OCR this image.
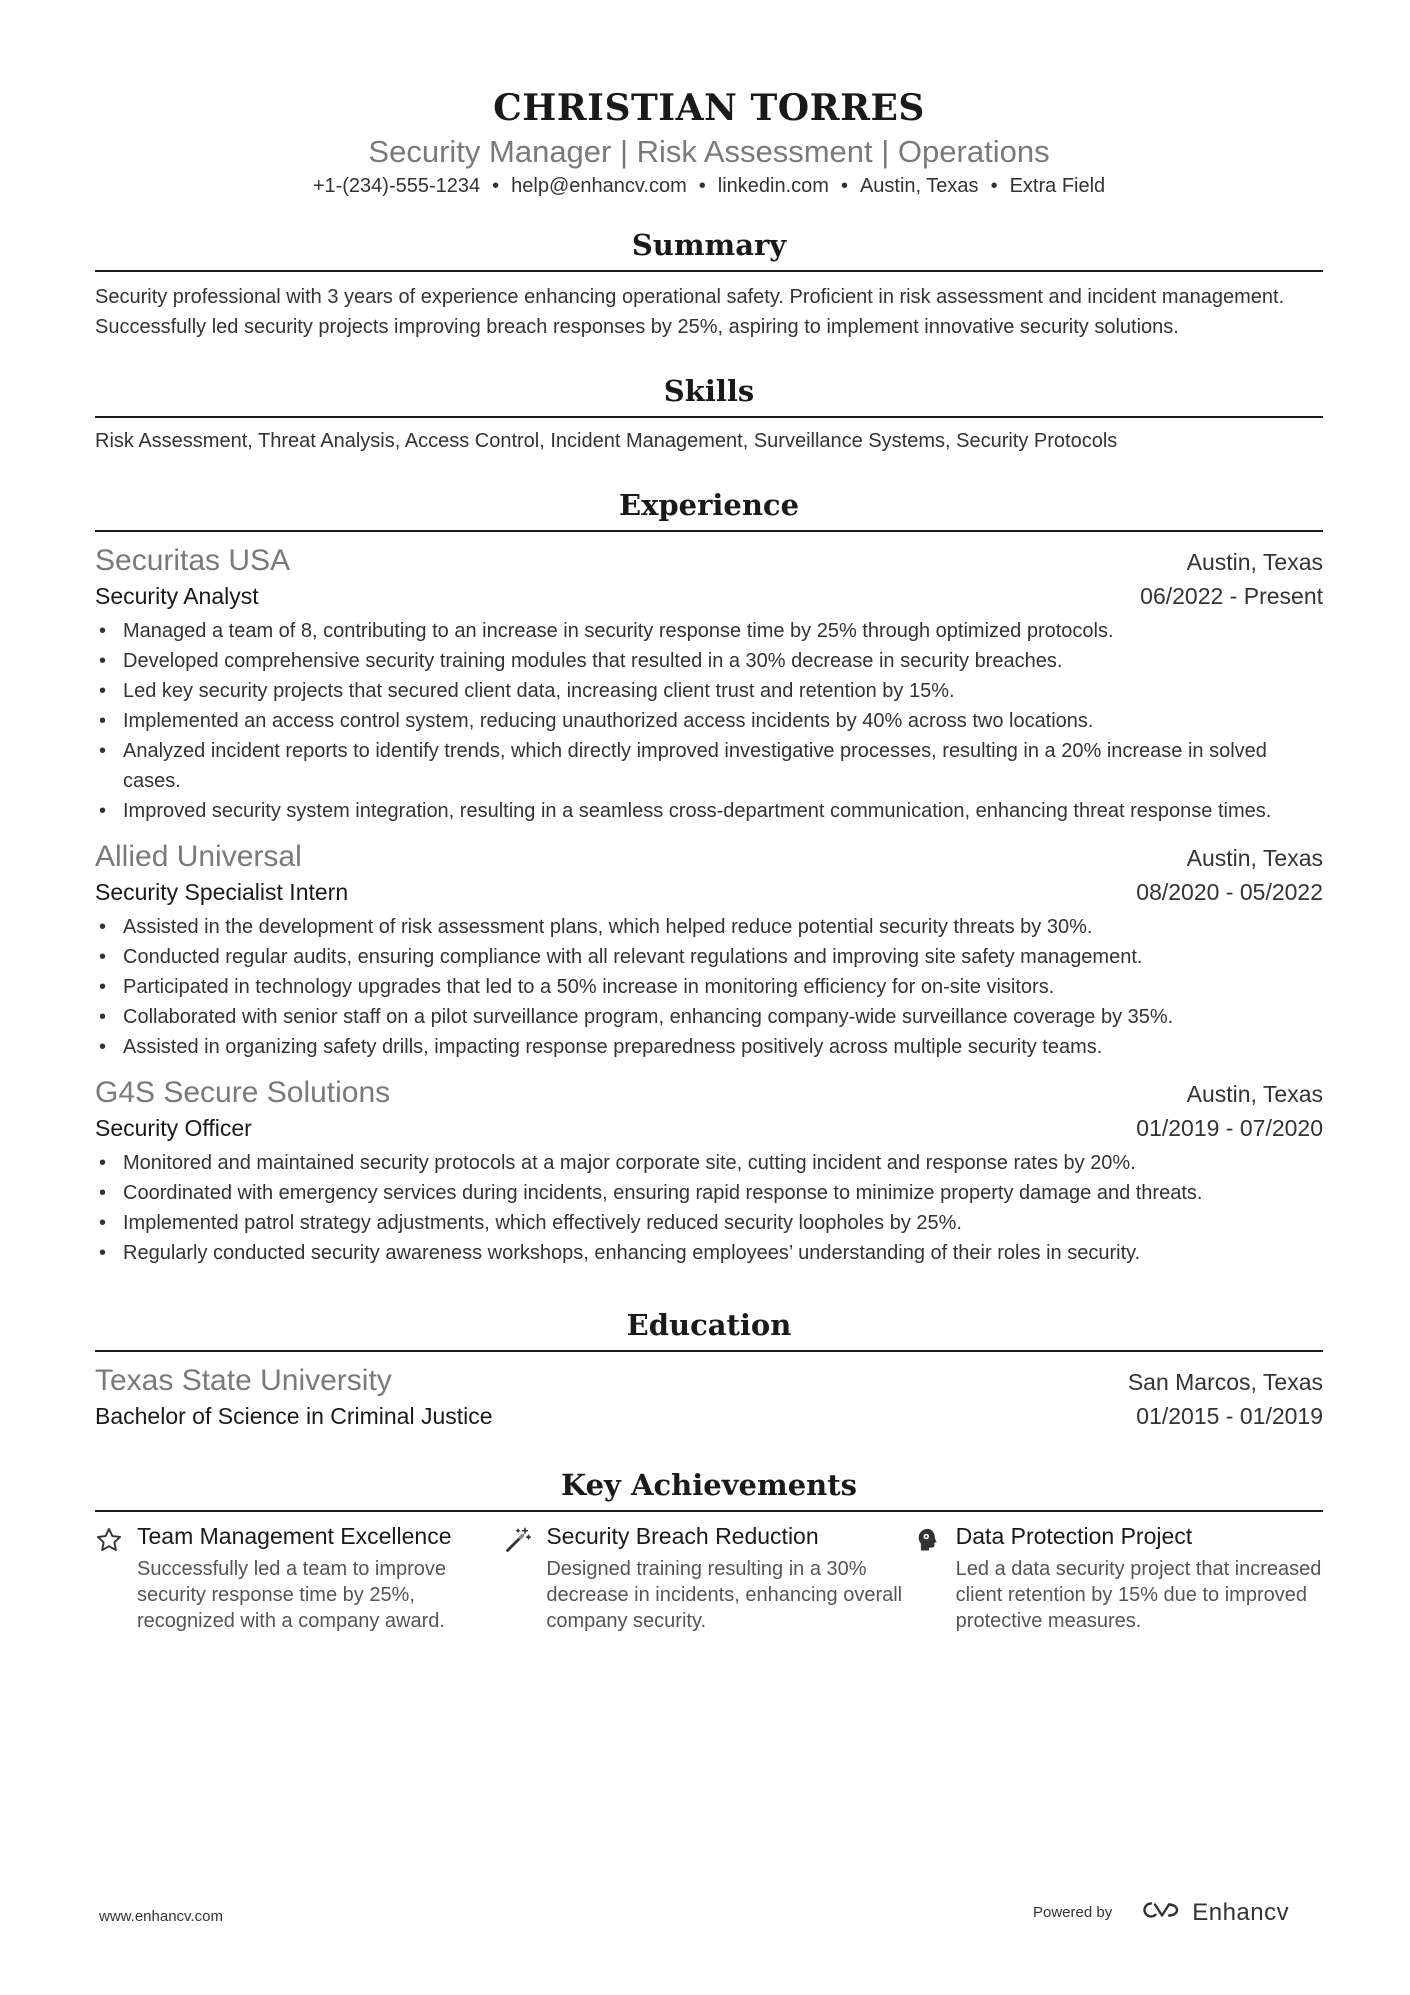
CHRISTIAN TORRES
Security Manager | Risk Assessment | Operations
+1-(234)-555-1234 • help@enhancv.com • linkedin.com • Austin, Texas • Extra Field
Summary
Security professional with 3 years of experience enhancing operational safety. Proficient in risk assessment and incident management. Successfully led security projects improving breach responses by 25%, aspiring to implement innovative security solutions.
Skills
Risk Assessment, Threat Analysis, Access Control, Incident Management, Surveillance Systems, Security Protocols
Experience
Securitas USA	Austin, Texas
Security Analyst	06/2022 - Present
• Managed a team of 8, contributing to an increase in security response time by 25% through optimized protocols.
• Developed comprehensive security training modules that resulted in a 30% decrease in security breaches.
• Led key security projects that secured client data, increasing client trust and retention by 15%.
• Implemented an access control system, reducing unauthorized access incidents by 40% across two locations.
• Analyzed incident reports to identify trends, which directly improved investigative processes, resulting in a 20% increase in solved cases.
• Improved security system integration, resulting in a seamless cross-department communication, enhancing threat response times.
Allied Universal	Austin, Texas
Security Specialist Intern	08/2020 - 05/2022
• Assisted in the development of risk assessment plans, which helped reduce potential security threats by 30%.
• Conducted regular audits, ensuring compliance with all relevant regulations and improving site safety management.
• Participated in technology upgrades that led to a 50% increase in monitoring efficiency for on-site visitors.
• Collaborated with senior staff on a pilot surveillance program, enhancing company-wide surveillance coverage by 35%.
• Assisted in organizing safety drills, impacting response preparedness positively across multiple security teams.
G4S Secure Solutions	Austin, Texas
Security Officer	01/2019 - 07/2020
• Monitored and maintained security protocols at a major corporate site, cutting incident and response rates by 20%.
• Coordinated with emergency services during incidents, ensuring rapid response to minimize property damage and threats.
• Implemented patrol strategy adjustments, which effectively reduced security loopholes by 25%.
• Regularly conducted security awareness workshops, enhancing employees’ understanding of their roles in security.
Education
Texas State University	San Marcos, Texas
Bachelor of Science in Criminal Justice	01/2015 - 01/2019
Key Achievements
Team Management Excellence
Successfully led a team to improve security response time by 25%, recognized with a company award.
Security Breach Reduction
Designed training resulting in a 30% decrease in incidents, enhancing overall company security.
Data Protection Project
Led a data security project that increased client retention by 15% due to improved protective measures.
www.enhancv.com	Powered by	Enhancv
